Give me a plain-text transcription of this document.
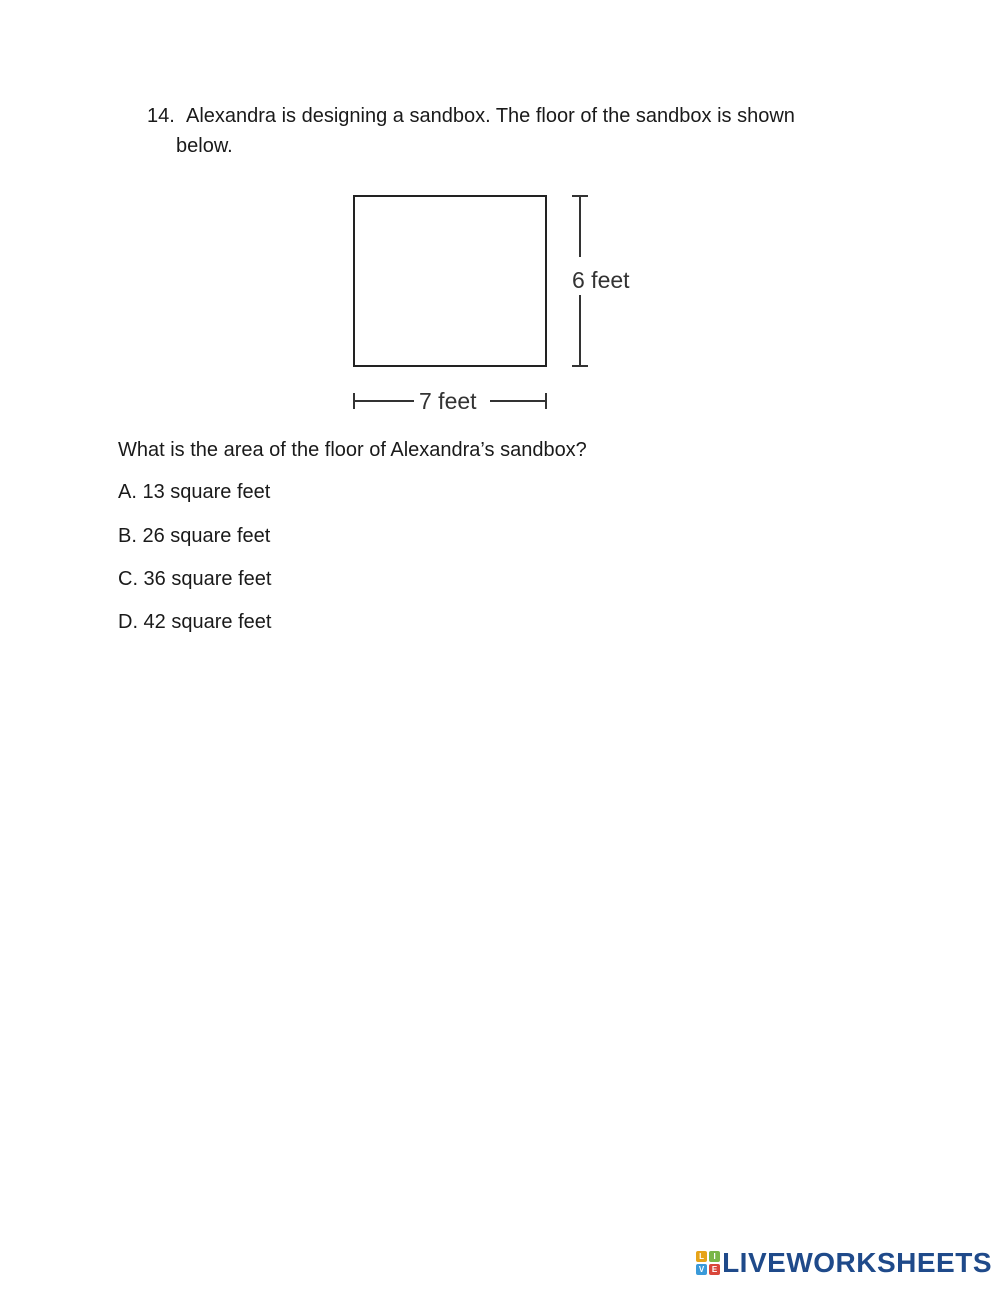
14. Alexandra is designing a sandbox. The floor of the sandbox is shown
below.
6 feet
7 feet
What is the area of the floor of Alexandra’s sandbox?
A. 13 square feet
B. 26 square feet
C. 36 square feet
D. 42 square feet
L	I
V E LIVEWORKSHEETS
